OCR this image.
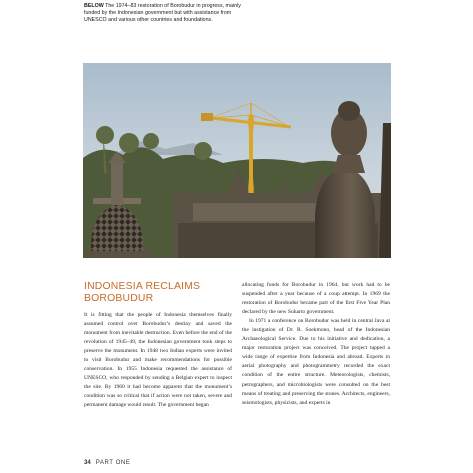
BELOW The 1974–83 restoration of Borobudur in progress, mainly funded by the Indonesian government but with assistance from UNESCO and various other countries and foundations.
INDONESIA RECLAIMS BOROBUDUR

It is fitting that the people of Indonesia themselves finally assumed control over Borobudur’s destiny and saved the monument from inevitable destruction. Even before the end of the revolution of 1945–49, the Indonesian government took steps to preserve the monument. In 1948 two Indian experts were invited to visit Borobudur and make recommendations for possible conservation. In 1955 Indonesia requested the assistance of UNESCO, who responded by sending a Belgian expert to inspect the site. By 1960 it had become apparent that the monument’s condition was so critical that if action were not taken, severe and permanent damage would result. The government began

allocating funds for Borobudur in 1964, but work had to be suspended after a year because of a coup attempt. In 1969 the restoration of Borobudur became part of the first Five Year Plan declared by the new Suharto government.

In 1971 a conference on Borobudur was held in central Java at the instigation of Dr. R. Soekmono, head of the Indonesian Archaeological Service. Due to his initiative and dedication, a major restoration project was conceived. The project tapped a wide range of expertise from Indonesia and abroad. Experts in aerial photography and photogrammetry recorded the exact condition of the entire structure. Meteorologists, chemists, petrographers, and microbiologists were consulted on the best means of treating and preserving the stones. Architects, engineers, seismologists, physicists, and experts in

34 PART ONE
